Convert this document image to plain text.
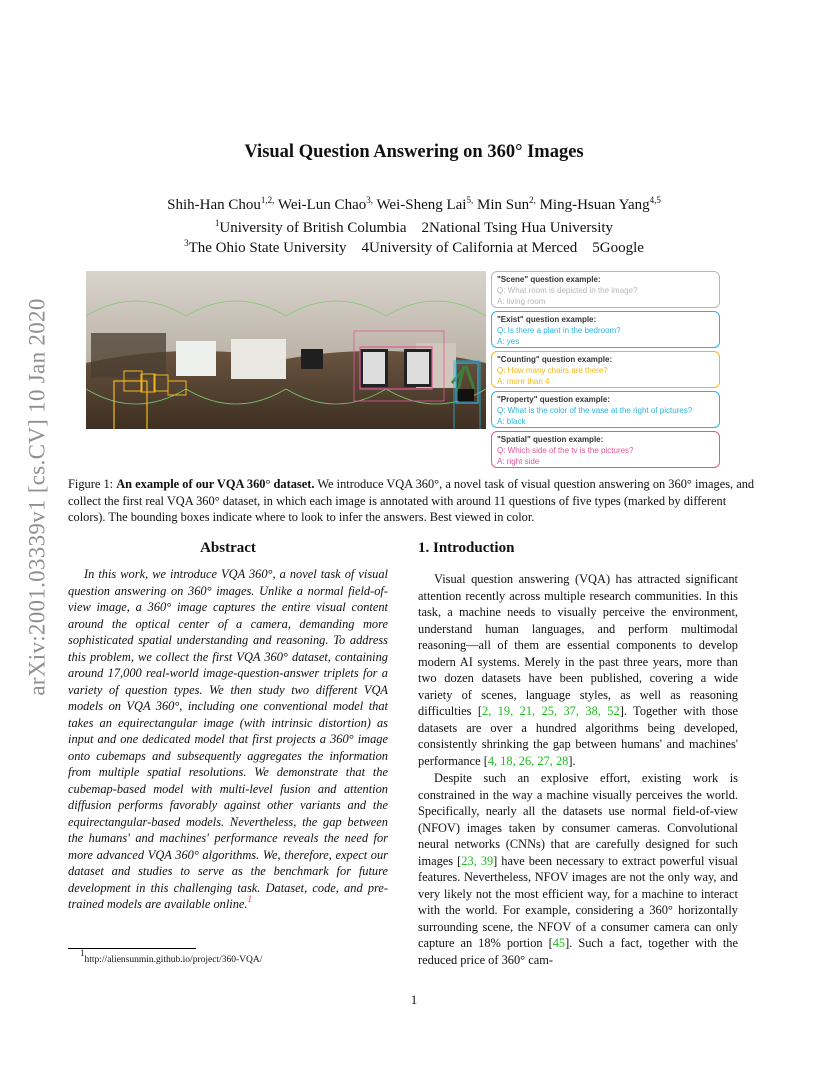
arXiv:2001.03339v1 [cs.CV] 10 Jan 2020
Visual Question Answering on 360° Images
Shih-Han Chou$^{1,2,}$ Wei-Lun Chao$^{3,}$ Wei-Sheng Lai$^{5,}$ Min Sun$^{2,}$ Ming-Hsuan Yang$^{4,5}$
$^1$University of British Columbia    2National Tsing Hua University
$^3$The Ohio State University    4University of California at Merced    5Google
"Scene" question example:
Q: What room is depicted in the image?
A: living room
"Exist" question example:
Q: Is there a plant in the bedroom?
A: yes
"Counting" question example:
Q: How many chairs are there?
A: more than 4
"Property" question example:
Q: What is the color of the vase at the right of pictures?
A: black
"Spatial" question example:
Q: Which side of the tv is the pictures?
A: right side
Figure 1: An example of our VQA 360° dataset. We introduce VQA 360°, a novel task of visual question answering on 360° images, and collect the first real VQA 360° dataset, in which each image is annotated with around 11 questions of five types (marked by different colors). The bounding boxes indicate where to look to infer the answers. Best viewed in color.
Abstract
In this work, we introduce VQA 360°, a novel task of visual question answering on 360° images. Unlike a normal field-of-view image, a 360° image captures the entire visual content around the optical center of a camera, demanding more sophisticated spatial understanding and reasoning. To address this problem, we collect the first VQA 360° dataset, containing around 17,000 real-world image-question-answer triplets for a variety of question types. We then study two different VQA models on VQA 360°, including one conventional model that takes an equirectangular image (with intrinsic distortion) as input and one dedicated model that first projects a 360° image onto cubemaps and subsequently aggregates the information from multiple spatial resolutions. We demonstrate that the cubemap-based model with multi-level fusion and attention diffusion performs favorably against other variants and the equirectangular-based models. Nevertheless, the gap between the humans' and machines' performance reveals the need for more advanced VQA 360° algorithms. We, therefore, expect our dataset and studies to serve as the benchmark for future development in this challenging task. Dataset, code, and pre-trained models are available online.$^1$
$^1$http://aliensunmin.github.io/project/360-VQA/
1. Introduction
Visual question answering (VQA) has attracted significant attention recently across multiple research communities. In this task, a machine needs to visually perceive the environment, understand human languages, and perform multimodal reasoning—all of them are essential components to develop modern AI systems. Merely in the past three years, more than two dozen datasets have been published, covering a wide variety of scenes, language styles, as well as reasoning difficulties [2, 19, 21, 25, 37, 38, 52]. Together with those datasets are over a hundred algorithms being developed, consistently shrinking the gap between humans' and machines' performance [4, 18, 26, 27, 28].
Despite such an explosive effort, existing work is constrained in the way a machine visually perceives the world. Specifically, nearly all the datasets use normal field-of-view (NFOV) images taken by consumer cameras. Convolutional neural networks (CNNs) that are carefully designed for such images [23, 39] have been necessary to extract powerful visual features. Nevertheless, NFOV images are not the only way, and very likely not the most efficient way, for a machine to interact with the world. For example, considering a 360° horizontally surrounding scene, the NFOV of a consumer camera can only capture an 18% portion [45]. Such a fact, together with the reduced price of 360° cam-
1
